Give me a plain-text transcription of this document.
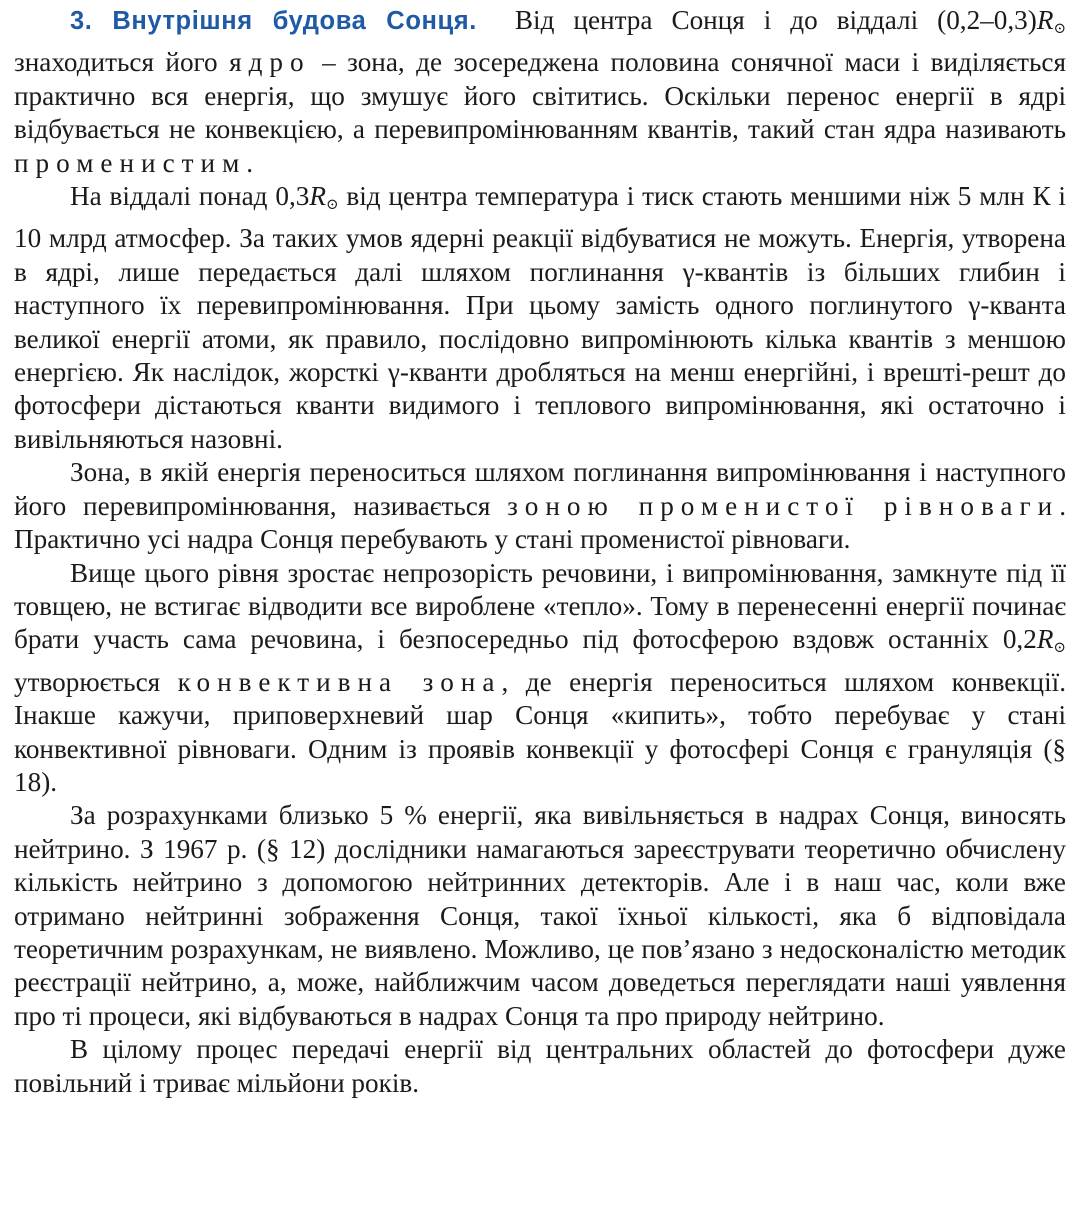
3. Внутрішня будова Сонця. Від центра Сонця і до віддалі $(0,2-0,3)R_⊙$ знаходиться його ядро – зона, де зосереджена половина сонячної маси і виділяється практично вся енергія, що змушує його світитись. Оскільки перенос енергії в ядрі відбувається не конвекцією, а перевипромінюванням квантів, такий стан ядра називають променистим.

На віддалі понад $0,3R_⊙$ від центра температура і тиск стають меншими ніж 5 млн К і 10 млрд атмосфер. За таких умов ядерні реакції відбуватися не можуть. Енергія, утворена в ядрі, лише передається далі шляхом поглинання γ-квантів із більших глибин і наступного їх перевипромінювання. При цьому замість одного поглинутого γ-кванта великої енергії атоми, як правило, послідовно випромінюють кілька квантів з меншою енергією. Як наслідок, жорсткі γ-кванти дробляться на менш енергійні, і врешті-решт до фотосфери дістаються кванти видимого і теплового випромінювання, які остаточно і вивільняються назовні.

Зона, в якій енергія переноситься шляхом поглинання випромінювання і наступного його перевипромінювання, називається зоною променистої рівноваги. Практично усі надра Сонця перебувають у стані променистої рівноваги.

Вище цього рівня зростає непрозорість речовини, і випромінювання, замкнуте під її товщею, не встигає відводити все вироблене «тепло». Тому в перенесенні енергії починає брати участь сама речовина, і безпосередньо під фотосферою вздовж останніх $0,2R_⊙$ утворюється конвективна зона, де енергія переноситься шляхом конвекції. Інакше кажучи, приповерхневий шар Сонця «кипить», тобто перебуває у стані конвективної рівноваги. Одним із проявів конвекції у фотосфері Сонця є грануляція (§ 18).

За розрахунками близько 5 % енергії, яка вивільняється в надрах Сонця, виносять нейтрино. З 1967 р. (§ 12) дослідники намагаються зареєструвати теоретично обчислену кількість нейтрино з допомогою нейтринних детекторів. Але і в наш час, коли вже отримано нейтринні зображення Сонця, такої їхньої кількості, яка б відповідала теоретичним розрахункам, не виявлено. Можливо, це пов’язано з недосконалістю методик реєстрації нейтрино, а, може, найближчим часом доведеться переглядати наші уявлення про ті процеси, які відбуваються в надрах Сонця та про природу нейтрино.

В цілому процес передачі енергії від центральних областей до фотосфери дуже повільний і триває мільйони років.
